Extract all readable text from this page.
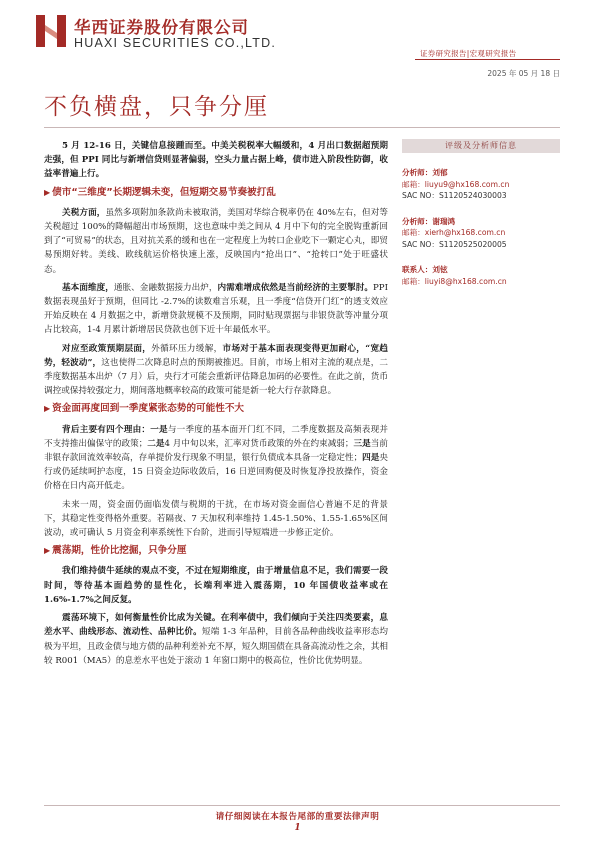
华西证券股份有限公司
HUAXI SECURITIES CO.,LTD.
证券研究报告|宏观研究报告
2025 年 05 月 18 日
不负横盘，只争分厘

5 月 12-16 日，关键信息接踵而至。中美关税税率大幅缓和，4 月出口数据超预期走强，但 PPI 同比与新增信贷则显著偏弱，空头力量占据上峰，债市进入阶段性防御，收益率普遍上行。

▶ 债市“三维度”长期逻辑未变，但短期交易节奏被打乱

关税方面，虽然多项附加条款尚未被取消，美国对华综合税率仍在 40%左右，但对等关税超过 100%的降幅超出市场预期，这也意味中美之间从 4 月中下旬的完全脱钩重新回到了“可贸易”的状态，且对抗关系的缓和也在一定程度上为转口企业吃下一颗定心丸，即贸易预期好转。美线、欧线航运价格快速上涨，反映国内“抢出口”、“抢转口”处于旺盛状态。

基本面维度，通胀、金融数据接力出炉，内需难增成依然是当前经济的主要掣肘。PPI 数据表现虽好于预期，但同比 -2.7%的读数难言乐观，且一季度“信贷开门红”的透支效应开始反映在 4 月数据之中，新增贷款规模不及预期，同时贴现票据与非银贷款等冲量分项占比较高，1-4 月累计新增居民贷款也创下近十年最低水平。

对应至政策预期层面，外循环压力缓解，市场对于基本面表现变得更加耐心，“宽趋势，轻波动”，这也使得二次降息时点的预期被推迟。目前，市场上相对主流的观点是，二季度数据基本出炉（7 月）后，央行才可能会重新评估降息加码的必要性。在此之前，货币调控或保持较强定力，期间落地概率较高的政策可能是新一轮大行存款降息。

▶ 资金面再度回到一季度紧张态势的可能性不大

背后主要有四个理由：一是与一季度的基本面开门红不同，二季度数据及高频表现并不支持推出偏保守的政策；二是4 月中旬以来，汇率对货币政策的外在约束减弱；三是当前非银存款回流效率较高，存单提价发行现象不明显，银行负债成本具备一定稳定性；四是央行或仍延续呵护态度，15 日资金边际收敛后，16 日逆回购便及时恢复净投放操作，资金价格在日内高开低走。

未来一周，资金面仍面临发债与税期的干扰，在市场对资金面信心普遍不足的背景下，其稳定性变得格外重要。若隔夜、7 天加权利率维持 1.45-1.50%、1.55-1.65%区间波动，或可确认 5 月资金利率系统性下台阶，进而引导短端进一步修正定价。

▶ 震荡期，性价比挖掘，只争分厘

我们维持债牛延续的观点不变，不过在短期维度，由于增量信息不足，我们需要一段时间，等待基本面趋势的显性化，长端利率进入震荡期，10 年国债收益率或在 1.6%-1.7%之间反复。

震荡环境下，如何衡量性价比成为关键。在利率债中，我们倾向于关注四类要素，息差水平、曲线形态、流动性、品种比价。短端 1-3 年品种，目前各品种曲线收益率形态均极为平坦，且政金债与地方债的品种利差补充不厚，短久期国债在具备高流动性之余，其相较 R001（MA5）的息差水平也处于滚动 1 年窗口期中的极高位，性价比优势明显。

评级及分析师信息
分析师：刘郁
邮箱：liuyu9@hx168.com.cn
SAC NO：S1120524030003
分析师：谢瑞鸿
邮箱：xierh@hx168.com.cn
SAC NO：S1120525020005
联系人：刘铉
邮箱：liuyi8@hx168.com.cn
请仔细阅读在本报告尾部的重要法律声明
1
